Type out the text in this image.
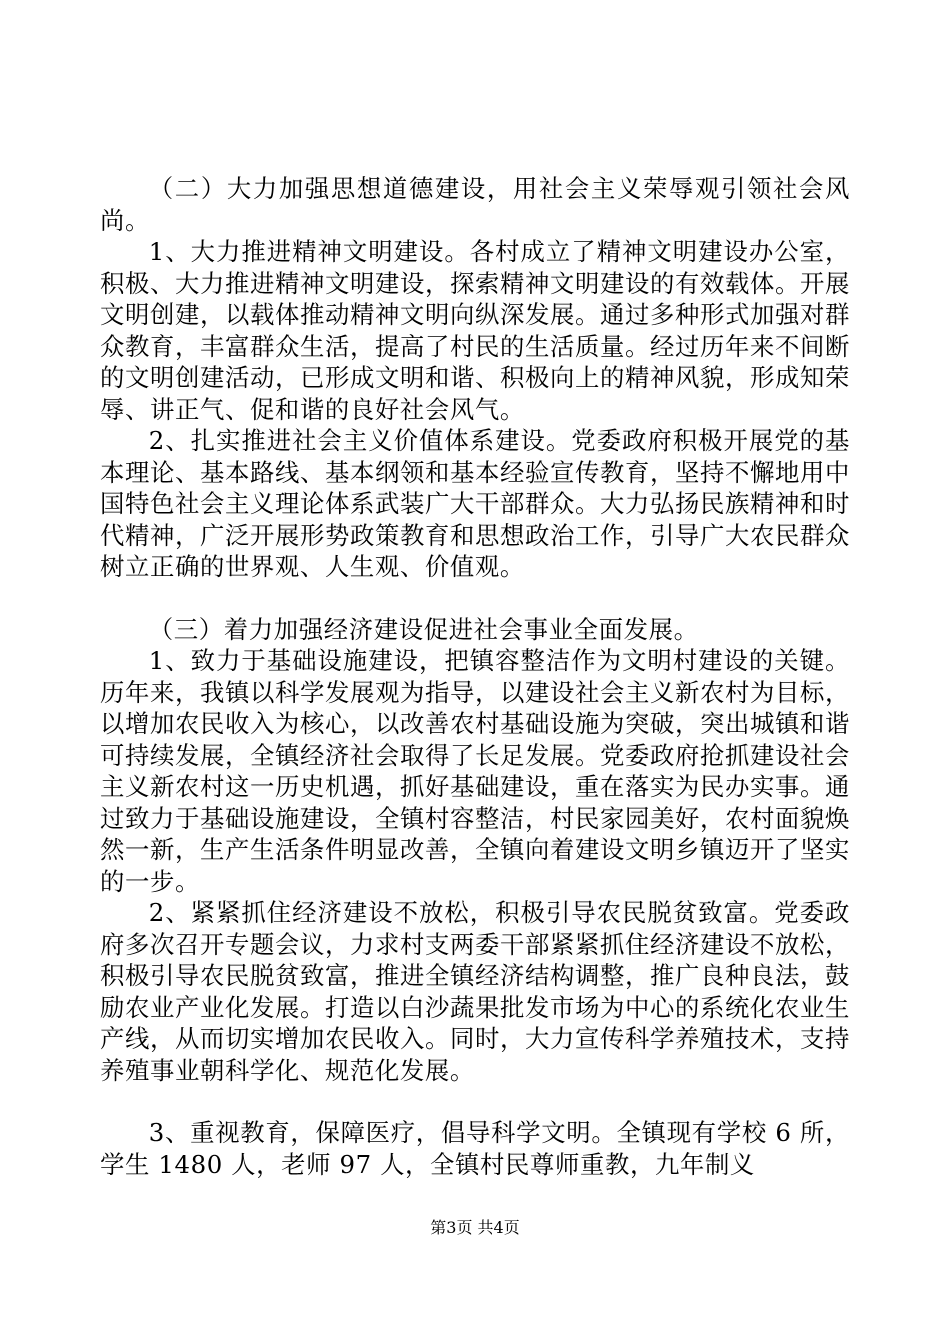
（二）大力加强思想道德建设，用社会主义荣辱观引领社会风尚。

1、大力推进精神文明建设。各村成立了精神文明建设办公室，积极、大力推进精神文明建设，探索精神文明建设的有效载体。开展文明创建，以载体推动精神文明向纵深发展。通过多种形式加强对群众教育，丰富群众生活，提高了村民的生活质量。经过历年来不间断的文明创建活动，已形成文明和谐、积极向上的精神风貌，形成知荣辱、讲正气、促和谐的良好社会风气。

2、扎实推进社会主义价值体系建设。党委政府积极开展党的基本理论、基本路线、基本纲领和基本经验宣传教育，坚持不懈地用中国特色社会主义理论体系武装广大干部群众。大力弘扬民族精神和时代精神，广泛开展形势政策教育和思想政治工作，引导广大农民群众树立正确的世界观、人生观、价值观。

（三）着力加强经济建设促进社会事业全面发展。

1、致力于基础设施建设，把镇容整洁作为文明村建设的关键。历年来，我镇以科学发展观为指导，以建设社会主义新农村为目标，以增加农民收入为核心，以改善农村基础设施为突破，突出城镇和谐可持续发展，全镇经济社会取得了长足发展。党委政府抢抓建设社会主义新农村这一历史机遇，抓好基础建设，重在落实为民办实事。通过致力于基础设施建设，全镇村容整洁，村民家园美好，农村面貌焕然一新，生产生活条件明显改善，全镇向着建设文明乡镇迈开了坚实的一步。

2、紧紧抓住经济建设不放松，积极引导农民脱贫致富。党委政府多次召开专题会议，力求村支两委干部紧紧抓住经济建设不放松，积极引导农民脱贫致富，推进全镇经济结构调整，推广良种良法，鼓励农业产业化发展。打造以白沙蔬果批发市场为中心的系统化农业生产线，从而切实增加农民收入。同时，大力宣传科学养殖技术，支持养殖事业朝科学化、规范化发展。

3、重视教育，保障医疗，倡导科学文明。全镇现有学校 6 所，学生 1480 人，老师 97 人，全镇村民尊师重教，九年制义

第3页 共4页
